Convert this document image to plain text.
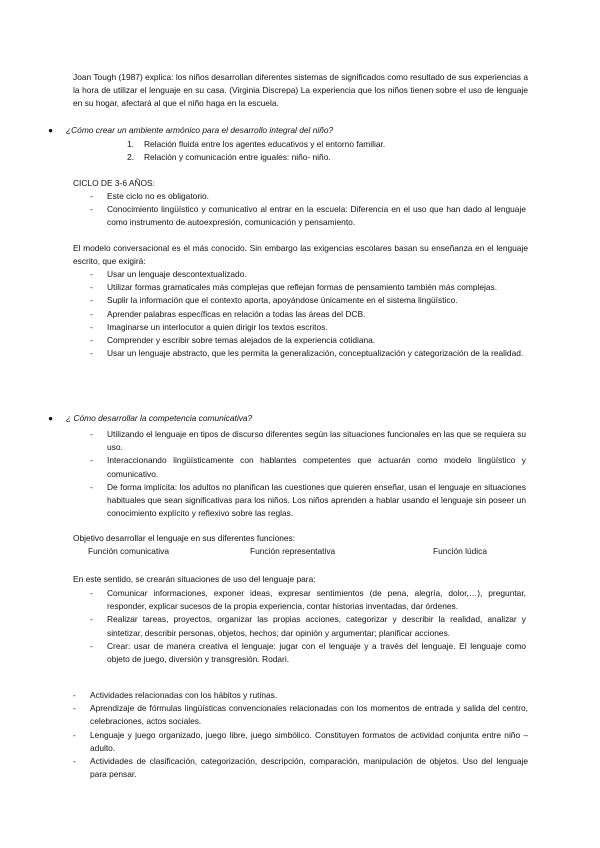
Joan Tough (1987) explica: los niños desarrollan diferentes sistemas de significados como resultado de sus experiencias a la hora de utilizar el lenguaje en su casa. (Virginia Discrepa) La experiencia que los niños tienen sobre el uso de lenguaje en su hogar, afectará al que el niño haga en la escuela.

● ¿Cómo crear un ambiente armónico para el desarrollo integral del niño?
1. Relación fluida entre los agentes educativos y el entorno familiar.
2. Relación y comunicación entre iguales: niño- niño.
CICLO DE 3-6 AÑOS:
- Este ciclo no es obligatorio.
- Conocimiento lingüístico y comunicativo al entrar en la escuela: Diferencia en el uso que han dado al lenguaje como instrumento de autoexpresión, comunicación y pensamiento.

El modelo conversacional es el más conocido. Sin embargo las exigencias escolares basan su enseñanza en el lenguaje escrito, que exigirá:

- Usar un lenguaje descontextualizado.
- Utilizar formas gramaticales más complejas que reflejan formas de pensamiento también más complejas.
- Suplir la información que el contexto aporta, apoyándose únicamente en el sistema lingüístico.
- Aprender palabras específicas en relación a todas las áreas del DCB.
- Imaginarse un interlocutor a quien dirigir los textos escritos.
- Comprender y escribir sobre temas alejados de la experiencia cotidiana.
- Usar un lenguaje abstracto, que les permita la generalización, conceptualización y categorización de la realidad.
● ¿ Cómo desarrollar la competencia comunicativa?
- Utilizando el lenguaje en tipos de discurso diferentes según las situaciones funcionales en las que se requiera su uso.
- Interaccionando lingüísticamente con hablantes competentes que actuarán como modelo lingüístico y comunicativo.
- De forma implícita: los adultos no planifican las cuestiones que quieren enseñar, usan el lenguaje en situaciones habituales que sean significativas para los niños. Los niños aprenden a hablar usando el lenguaje sin poseer un conocimiento explícito y reflexivo sobre las reglas.
Objetivo desarrollar el lenguaje en sus diferentes funciones:
Función comunicativa	Función representativa	Función lúdica
En este sentido, se crearán situaciones de uso del lenguaje para:
- Comunicar informaciones, exponer ideas, expresar sentimientos (de pena, alegría, dolor,…), preguntar, responder, explicar sucesos de la propia experiencia, contar historias inventadas, dar órdenes.
- Realizar tareas, proyectos, organizar las propias acciones, categorizar y describir la realidad, analizar y sintetizar, describir personas, objetos, hechos; dar opinión y argumentar; planificar acciones.
- Crear: usar de manera creativa el lenguaje: jugar con el lenguaje y a través del lenguaje. El lenguaje como objeto de juego, diversión y transgresión. Rodari.
- Actividades relacionadas con los hábitos y rutinas.
- Aprendizaje de fórmulas lingüísticas convencionales relacionadas con los momentos de entrada y salida del centro, celebraciones, actos sociales.
- Lenguaje y juego organizado, juego libre, juego simbólico. Constituyen formatos de actividad conjunta entre niño – adulto.
- Actividades de clasificación, categorización, descripción, comparación, manipulación de objetos. Uso del lenguaje para pensar.
